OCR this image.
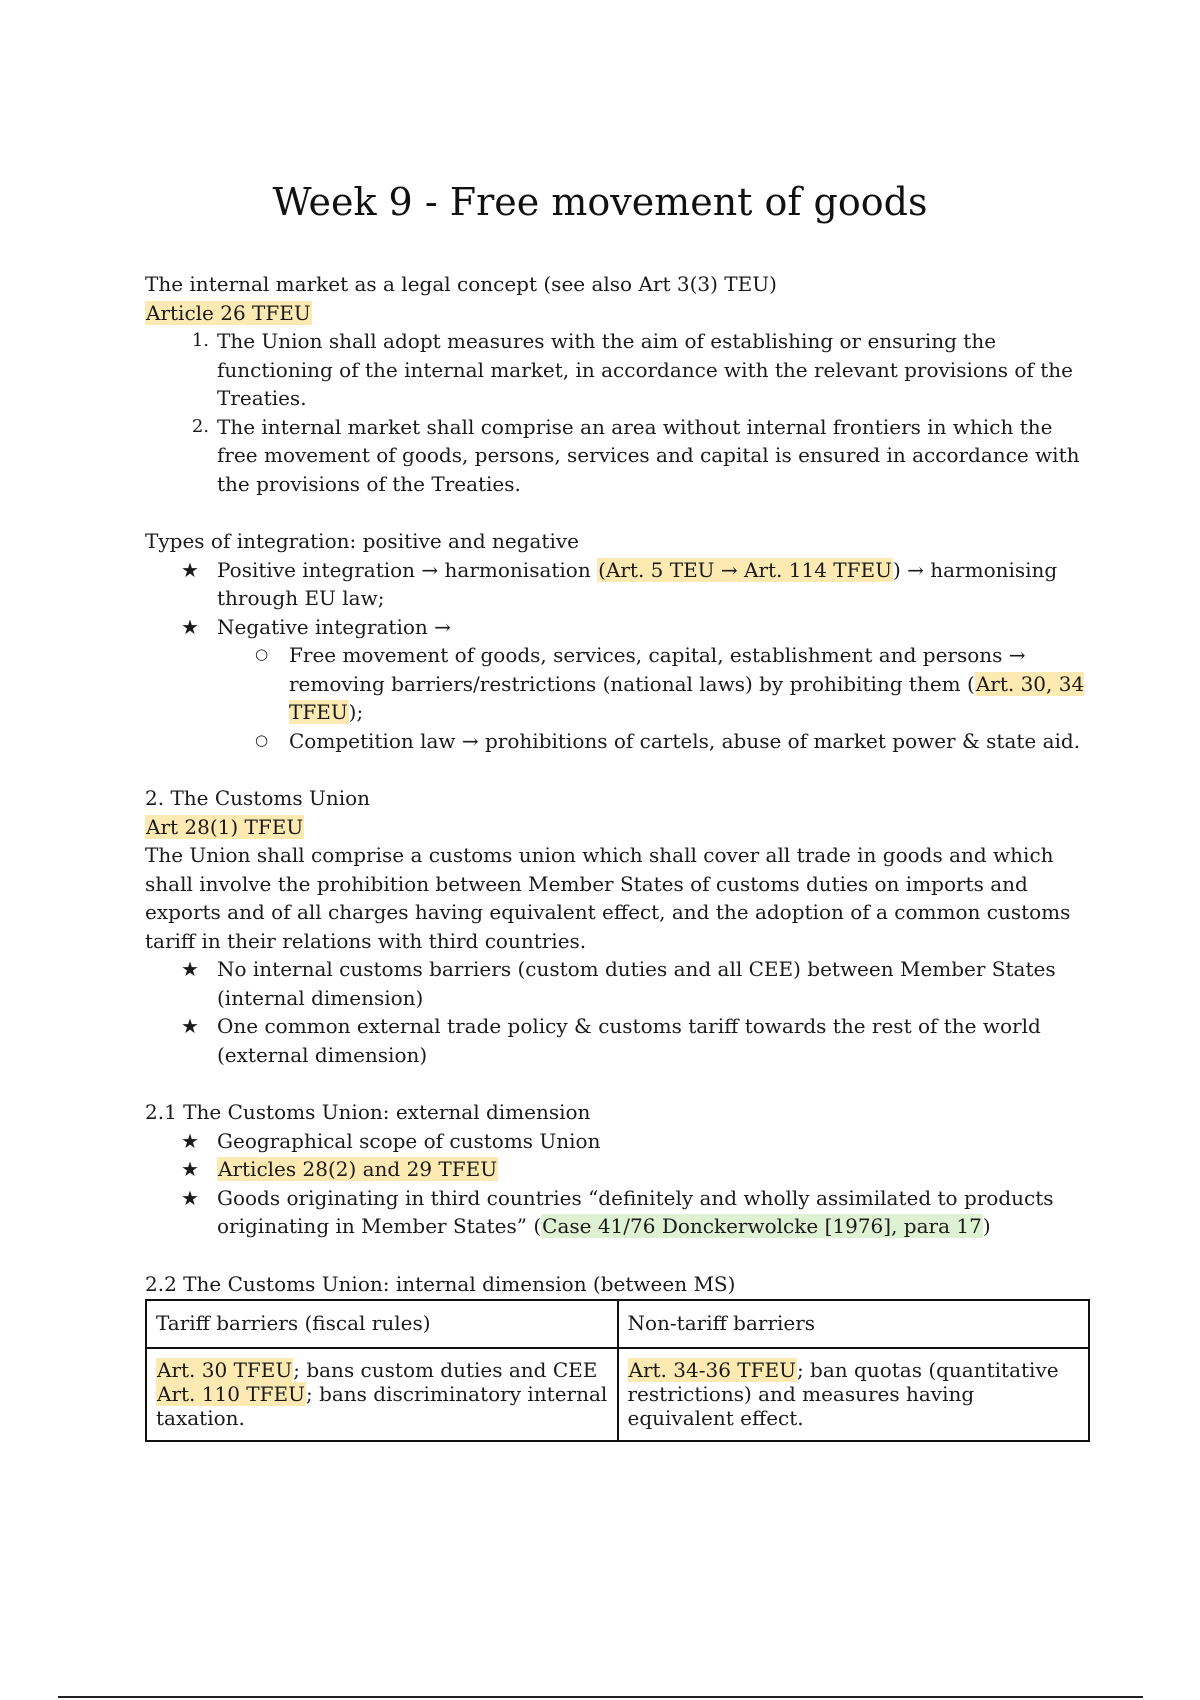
Week 9 - Free movement of goods

The internal market as a legal concept (see also Art 3(3) TEU)

Article 26 TFEU

1. The Union shall adopt measures with the aim of establishing or ensuring the functioning of the internal market, in accordance with the relevant provisions of the Treaties.
2. The internal market shall comprise an area without internal frontiers in which the free movement of goods, persons, services and capital is ensured in accordance with the provisions of the Treaties.

Types of integration: positive and negative

★ Positive integration → harmonisation (Art. 5 TEU → Art. 114 TFEU) → harmonising through EU law;
★ Negative integration →
○ Free movement of goods, services, capital, establishment and persons → removing barriers/restrictions (national laws) by prohibiting them (Art. 30, 34 TFEU);
○ Competition law → prohibitions of cartels, abuse of market power & state aid.

2. The Customs Union

Art 28(1) TFEU

The Union shall comprise a customs union which shall cover all trade in goods and which shall involve the prohibition between Member States of customs duties on imports and exports and of all charges having equivalent effect, and the adoption of a common customs tariff in their relations with third countries.

★ No internal customs barriers (custom duties and all CEE) between Member States (internal dimension)
★ One common external trade policy & customs tariff towards the rest of the world (external dimension)

2.1 The Customs Union: external dimension

★ Geographical scope of customs Union
★ Articles 28(2) and 29 TFEU
★ Goods originating in third countries “definitely and wholly assimilated to products originating in Member States” (Case 41/76 Donckerwolcke [1976], para 17)

2.2 The Customs Union: internal dimension (between MS)

Tariff barriers (fiscal rules)	Non-tariff barriers
Art. 30 TFEU; bans custom duties and CEE
Art. 110 TFEU; bans discriminatory internal taxation.	Art. 34-36 TFEU; ban quotas (quantitative restrictions) and measures having equivalent effect.
